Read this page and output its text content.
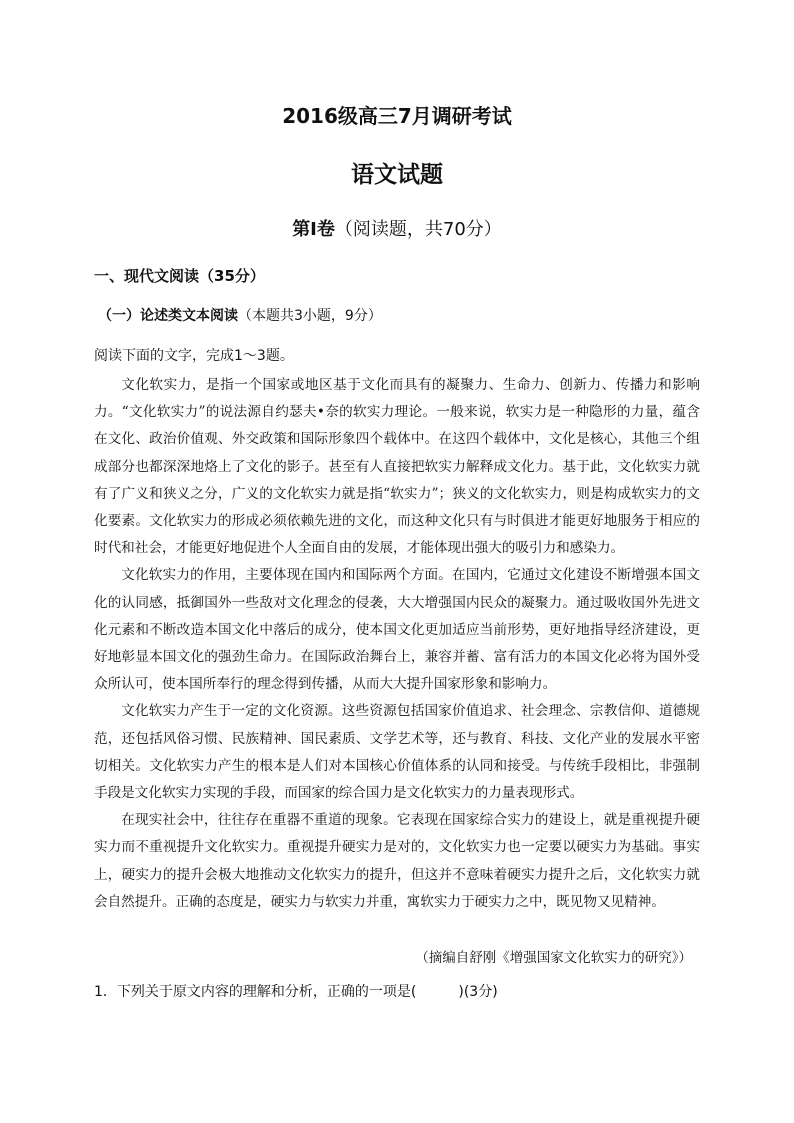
2016级高三7月调研考试
语文试题
第Ⅰ卷（阅读题，共70分）
一、现代文阅读（35分）
（一）论述类文本阅读（本题共3小题，9分）
阅读下面的文字，完成1～3题。

文化软实力，是指一个国家或地区基于文化而具有的凝聚力、生命力、创新力、传播力和影响力。“文化软实力”的说法源自约瑟夫•奈的软实力理论。一般来说，软实力是一种隐形的力量，蕴含在文化、政治价值观、外交政策和国际形象四个载体中。在这四个载体中，文化是核心，其他三个组成部分也都深深地烙上了文化的影子。甚至有人直接把软实力解释成文化力。基于此，文化软实力就有了广义和狭义之分，广义的文化软实力就是指“软实力”；狭义的文化软实力，则是构成软实力的文化要素。文化软实力的形成必须依赖先进的文化，而这种文化只有与时俱进才能更好地服务于相应的时代和社会，才能更好地促进个人全面自由的发展，才能体现出强大的吸引力和感染力。

文化软实力的作用，主要体现在国内和国际两个方面。在国内，它通过文化建设不断增强本国文化的认同感，抵御国外一些敌对文化理念的侵袭，大大增强国内民众的凝聚力。通过吸收国外先进文化元素和不断改造本国文化中落后的成分，使本国文化更加适应当前形势，更好地指导经济建设，更好地彰显本国文化的强劲生命力。在国际政治舞台上，兼容并蓄、富有活力的本国文化必将为国外受众所认可，使本国所奉行的理念得到传播，从而大大提升国家形象和影响力。

文化软实力产生于一定的文化资源。这些资源包括国家价值追求、社会理念、宗教信仰、道德规范，还包括风俗习惯、民族精神、国民素质、文学艺术等，还与教育、科技、文化产业的发展水平密切相关。文化软实力产生的根本是人们对本国核心价值体系的认同和接受。与传统手段相比，非强制手段是文化软实力实现的手段，而国家的综合国力是文化软实力的力量表现形式。

在现实社会中，往往存在重器不重道的现象。它表现在国家综合实力的建设上，就是重视提升硬实力而不重视提升文化软实力。重视提升硬实力是对的，文化软实力也一定要以硬实力为基础。事实上，硬实力的提升会极大地推动文化软实力的提升，但这并不意味着硬实力提升之后，文化软实力就会自然提升。正确的态度是，硬实力与软实力并重，寓软实力于硬实力之中，既见物又见精神。

（摘编自舒刚《增强国家文化软实力的研究》）
1．下列关于原文内容的理解和分析，正确的一项是(　　　)(3分)
